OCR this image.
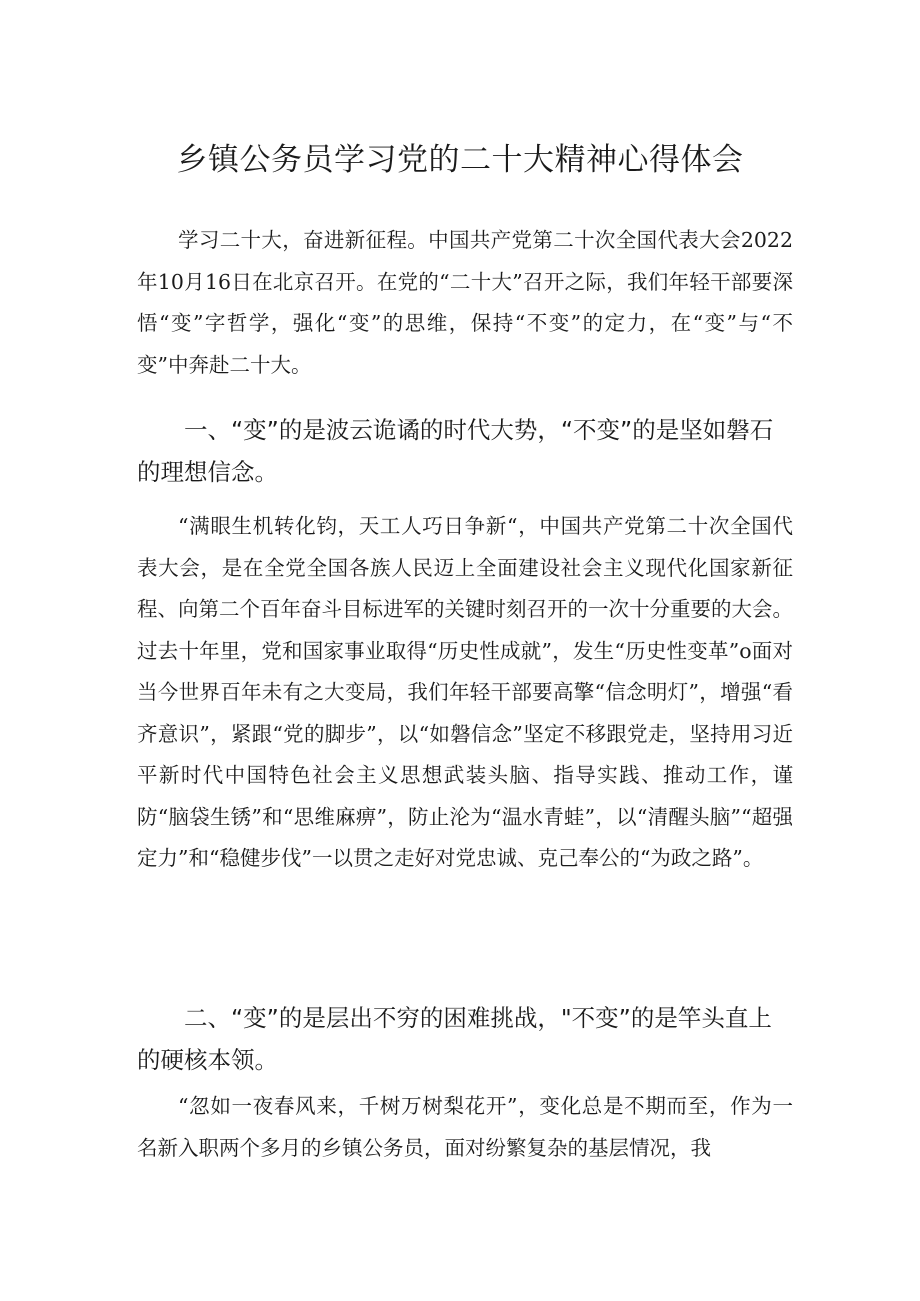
乡镇公务员学习党的二十大精神心得体会

学习二十大，奋进新征程。中国共产党第二十次全国代表大会2022年10月16日在北京召开。在党的“二十大”召开之际，我们年轻干部要深悟“变”字哲学，强化“变”的思维，保持“不变”的定力，在“变”与“不变”中奔赴二十大。

一、“变”的是波云诡谲的时代大势，“不变”的是坚如磐石的理想信念。

“满眼生机转化钧，天工人巧日争新“，中国共产党第二十次全国代表大会，是在全党全国各族人民迈上全面建设社会主义现代化国家新征程、向第二个百年奋斗目标进军的关键时刻召开的一次十分重要的大会。过去十年里，党和国家事业取得“历史性成就”，发生“历史性变革”o面对当今世界百年未有之大变局，我们年轻干部要高擎“信念明灯”，增强“看齐意识”，紧跟“党的脚步”，以“如磐信念”坚定不移跟党走，坚持用习近平新时代中国特色社会主义思想武装头脑、指导实践、推动工作，谨防“脑袋生锈”和“思维麻痹”，防止沦为“温水青蛙”，以“清醒头脑”“超强定力”和“稳健步伐”一以贯之走好对党忠诚、克己奉公的“为政之路”。

二、“变”的是层出不穷的困难挑战，"不变”的是竿头直上的硬核本领。

“忽如一夜春风来，千树万树梨花开”，变化总是不期而至，作为一名新入职两个多月的乡镇公务员，面对纷繁复杂的基层情况，我
